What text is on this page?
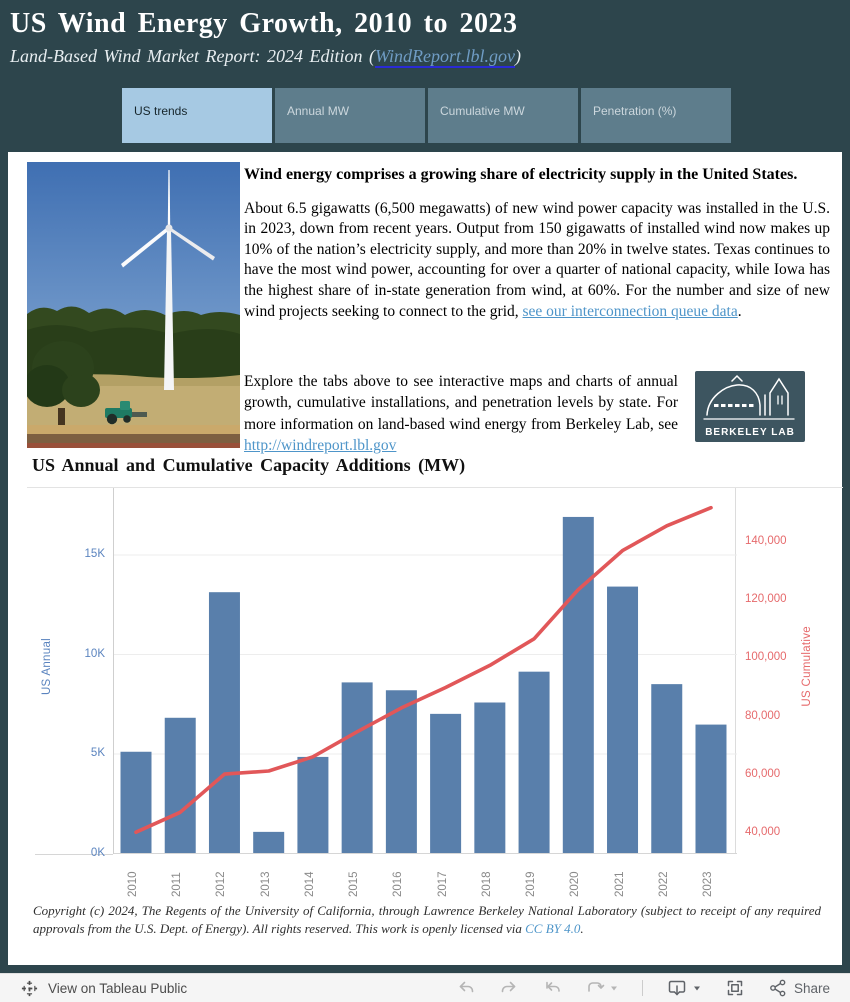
US Wind Energy Growth, 2010 to 2023
Land-Based Wind Market Report: 2024 Edition (WindReport.lbl.gov)
US trends	Annual MW	Cumulative MW	Penetration (%)
Wind energy comprises a growing share of electricity supply in the United States.

About 6.5 gigawatts (6,500 megawatts) of new wind power capacity was installed in the U.S. in 2023, down from recent years. Output from 150 gigawatts of installed wind now makes up 10% of the nation’s electricity supply, and more than 20% in twelve states. Texas continues to have the most wind power, accounting for over a quarter of national capacity, while Iowa has the highest share of in-state generation from wind, at 60%. For the number and size of new wind projects seeking to connect to the grid, see our interconnection queue data.

Explore the tabs above to see interactive maps and charts of annual growth, cumulative installations, and penetration levels by state. For more information on land-based wind energy from Berkeley Lab, see http://windreport.lbl.gov
BERKELEY LAB
US Annual and Cumulative Capacity Additions (MW)
US Annual	US Cumulative
0K
5K
10K
15K
40,000
60,000
80,000
100,000
120,000
140,000
2010	2011	2012	2013	2014	2015	2016	2017	2018	2019	2020	2021	2022	2023
Copyright (c) 2024, The Regents of the University of California, through Lawrence Berkeley National Laboratory (subject to receipt of any required approvals from the U.S. Dept. of Energy). All rights reserved. This work is openly licensed via CC BY 4.0.
View on Tableau Public	Share
